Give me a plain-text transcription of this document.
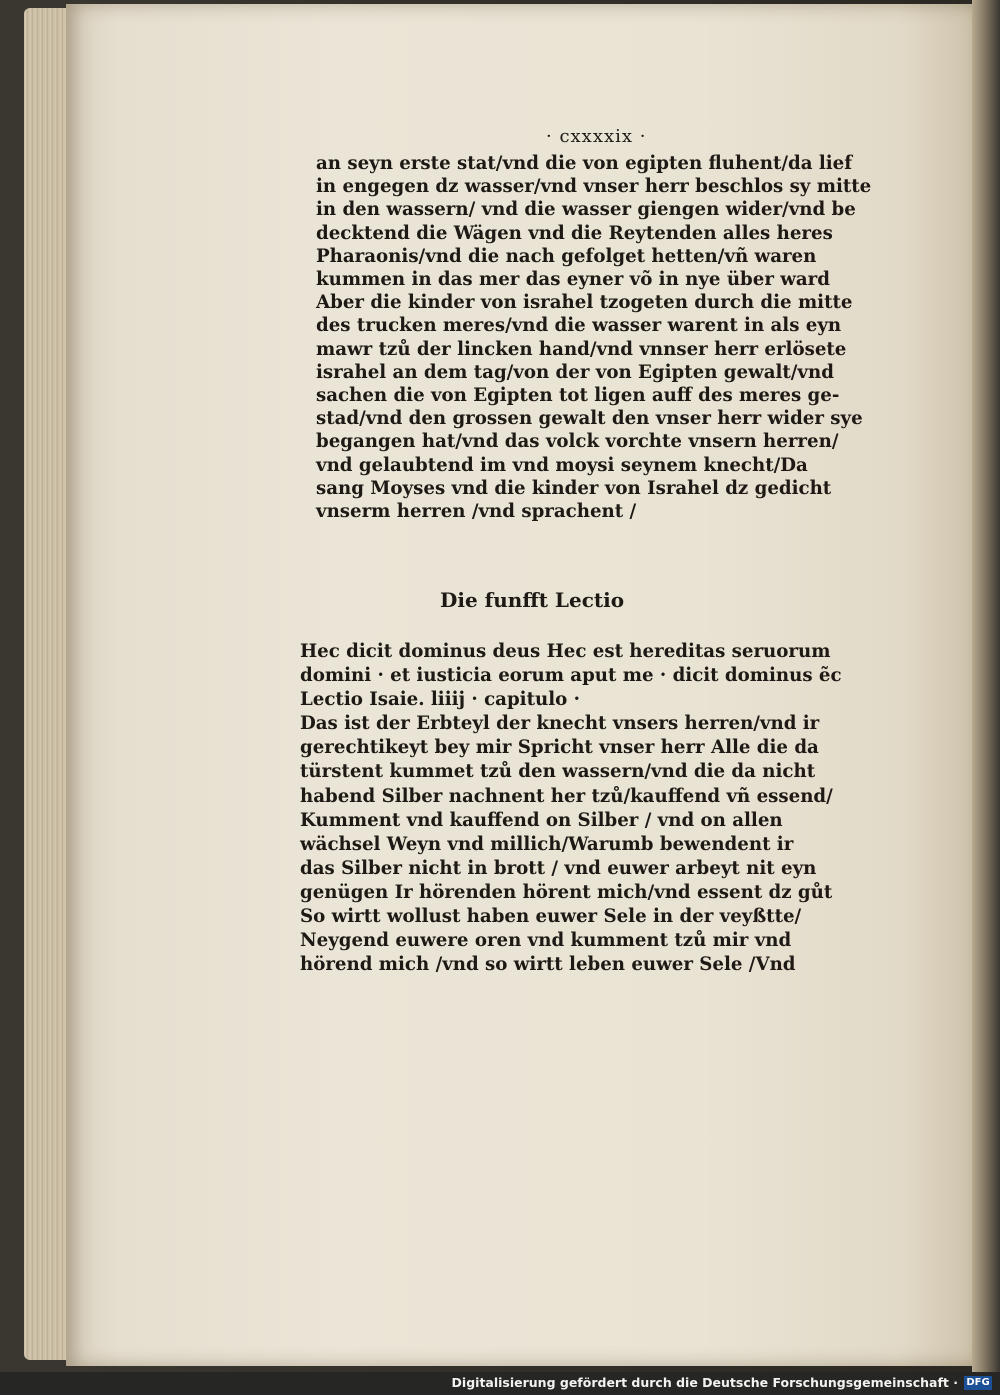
· cxxxxix ·
an seyn erste stat/vnd die von egipten fluhent/da lief
in engegen dz wasser/vnd vnser herr beschlos sy mitte
in den wassern/ vnd die wasser giengen wider/vnd be
decktend die Wägen vnd die Reytenden alles heres
Pharaonis/vnd die nach gefolget hetten/vñ waren
kummen in das mer das eyner võ in nye über ward
Aber die kinder von israhel tzogeten durch die mitte
des trucken meres/vnd die wasser warent in als eyn
mawr tzů der lincken hand/vnd vnnser herr erlösete
israhel an dem tag/von der von Egipten gewalt/vnd
sachen die von Egipten tot ligen auff des meres ge-
stad/vnd den grossen gewalt den vnser herr wider sye
begangen hat/vnd das volck vorchte vnsern herren/
vnd gelaubtend im vnd moysi seynem knecht/Da
sang Moyses vnd die kinder von Israhel dz gedicht
vnserm herren /vnd sprachent /
Die funfft Lectio
Hec dicit dominus deus Hec est hereditas seruorum
domini · et iusticia eorum aput me · dicit dominus ẽc
Lectio Isaie. liiij · capitulo ·
Das ist der Erbteyl der knecht vnsers herren/vnd ir
gerechtikeyt bey mir Spricht vnser herr Alle die da
türstent kummet tzů den wassern/vnd die da nicht
habend Silber nachnent her tzů/kauffend vñ essend/
Kumment vnd kauffend on Silber / vnd on allen
wächsel Weyn vnd millich/Warumb bewendent ir
das Silber nicht in brott / vnd euwer arbeyt nit eyn
genügen Ir hörenden hörent mich/vnd essent dz gůt
So wirtt wollust haben euwer Sele in der veyßtte/
Neygend euwere oren vnd kumment tzů mir vnd
hörend mich /vnd so wirtt leben euwer Sele /Vnd
Digitalisierung gefördert durch die Deutsche Forschungsgemeinschaft · DFG
